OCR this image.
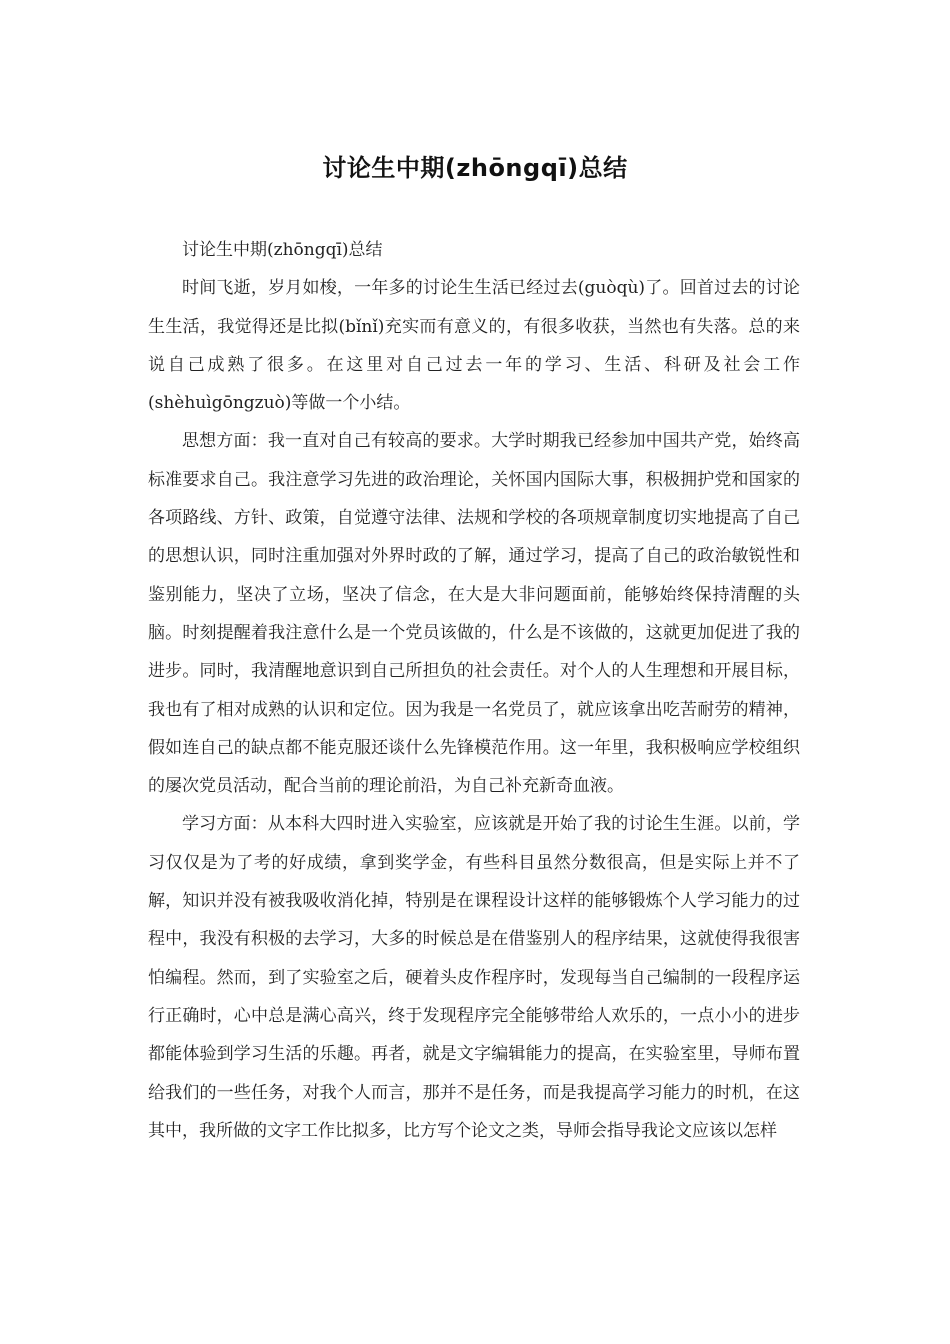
讨论生中期(zhōngqī)总结

讨论生中期(zhōngqī)总结

时间飞逝，岁月如梭，一年多的讨论生生活已经过去(guòqù)了。回首过去的讨论生生活，我觉得还是比拟(bǐnǐ)充实而有意义的，有很多收获，当然也有失落。总的来说自己成熟了很多。在这里对自己过去一年的学习、生活、科研及社会工作(shèhuìgōngzuò)等做一个小结。

思想方面：我一直对自己有较高的要求。大学时期我已经参加中国共产党，始终高标准要求自己。我注意学习先进的政治理论，关怀国内国际大事，积极拥护党和国家的各项路线、方针、政策，自觉遵守法律、法规和学校的各项规章制度切实地提高了自己的思想认识，同时注重加强对外界时政的了解，通过学习，提高了自己的政治敏锐性和鉴别能力，坚决了立场，坚决了信念，在大是大非问题面前，能够始终保持清醒的头脑。时刻提醒着我注意什么是一个党员该做的，什么是不该做的，这就更加促进了我的进步。同时，我清醒地意识到自己所担负的社会责任。对个人的人生理想和开展目标，我也有了相对成熟的认识和定位。因为我是一名党员了，就应该拿出吃苦耐劳的精神，假如连自己的缺点都不能克服还谈什么先锋模范作用。这一年里，我积极响应学校组织的屡次党员活动，配合当前的理论前沿，为自己补充新奇血液。

学习方面：从本科大四时进入实验室，应该就是开始了我的讨论生生涯。以前，学习仅仅是为了考的好成绩，拿到奖学金，有些科目虽然分数很高，但是实际上并不了解，知识并没有被我吸收消化掉，特别是在课程设计这样的能够锻炼个人学习能力的过程中，我没有积极的去学习，大多的时候总是在借鉴别人的程序结果，这就使得我很害怕编程。然而，到了实验室之后，硬着头皮作程序时，发现每当自己编制的一段程序运行正确时，心中总是满心高兴，终于发现程序完全能够带给人欢乐的，一点小小的进步都能体验到学习生活的乐趣。再者，就是文字编辑能力的提高，在实验室里，导师布置给我们的一些任务，对我个人而言，那并不是任务，而是我提高学习能力的时机，在这其中，我所做的文字工作比拟多，比方写个论文之类，导师会指导我论文应该以怎样
